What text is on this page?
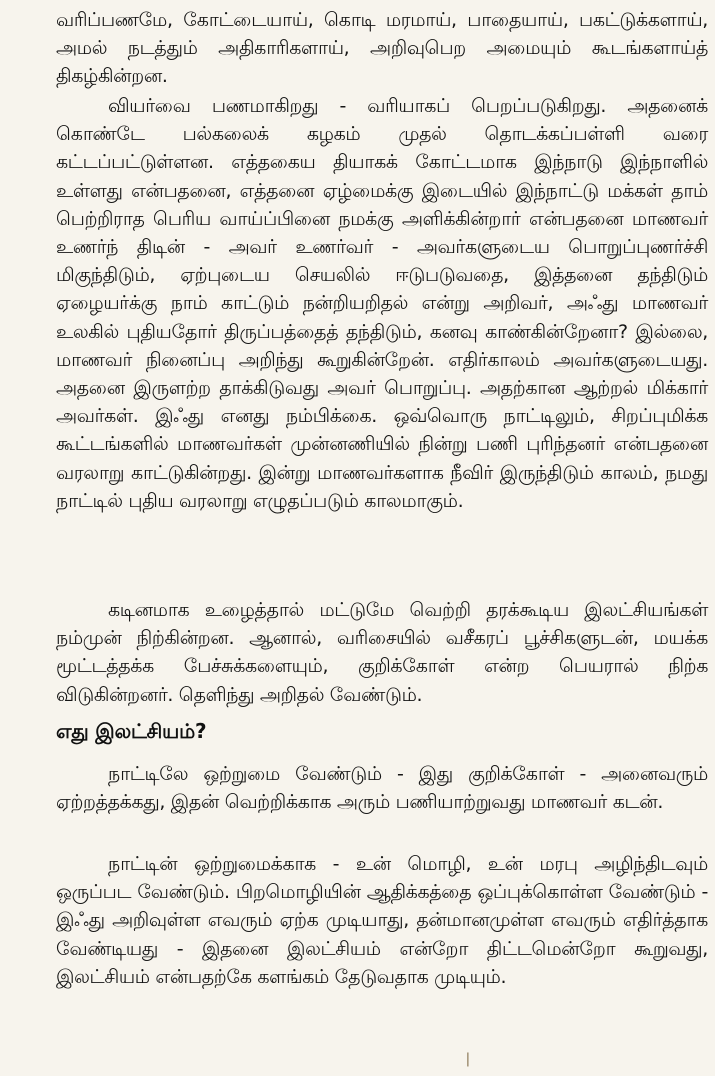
வரிப்பணமே, கோட்டையாய், கொடி மரமாய், பாதையாய், பகட்டுக்களாய், அமல் நடத்தும் அதிகாரிகளாய், அறிவுபெற அமையும் கூடங்களாய்த் திகழ்கின்றன.

வியர்வை பணமாகிறது - வரியாகப் பெறப்படுகிறது. அதனைக் கொண்டே பல்கலைக் கழகம் முதல் தொடக்கப்பள்ளி வரை கட்டப்பட்டுள்ளன. எத்தகைய தியாகக் கோட்டமாக இந்நாடு இந்நாளில் உள்ளது என்பதனை, எத்தனை ஏழ்மைக்கு இடையில் இந்நாட்டு மக்கள் தாம் பெற்றிராத பெரிய வாய்ப்பினை நமக்கு அளிக்கின்றார் என்பதனை மாணவர் உணர்ந் திடின் - அவர் உணர்வர் - அவர்களுடைய பொறுப்புணர்ச்சி மிகுந்திடும், ஏற்புடைய செயலில் ஈடுபடுவதை, இத்தனை தந்திடும் ஏழையர்க்கு நாம் காட்டும் நன்றியறிதல் என்று அறிவர், அஃது மாணவர் உலகில் புதியதோர் திருப்பத்தைத் தந்திடும், கனவு காண்கின்றேனா? இல்லை, மாணவர் நினைப்பு அறிந்து கூறுகின்றேன். எதிர்காலம் அவர்களுடையது. அதனை இருளற்ற தாக்கிடுவது அவர் பொறுப்பு. அதற்கான ஆற்றல் மிக்கார் அவர்கள். இஃது எனது நம்பிக்கை. ஒவ்வொரு நாட்டிலும், சிறப்புமிக்க கூட்டங்களில் மாணவர்கள் முன்னணியில் நின்று பணி புரிந்தனர் என்பதனை வரலாறு காட்டுகின்றது. இன்று மாணவர்களாக நீவிர் இருந்திடும் காலம், நமது நாட்டில் புதிய வரலாறு எழுதப்படும் காலமாகும்.

கடினமாக உழைத்தால் மட்டுமே வெற்றி தரக்கூடிய இலட்சியங்கள் நம்முன் நிற்கின்றன. ஆனால், வரிசையில் வசீகரப் பூச்சிகளுடன், மயக்க மூட்டத்தக்க பேச்சுக்களையும், குறிக்கோள் என்ற பெயரால் நிற்க விடுகின்றனர். தெளிந்து அறிதல் வேண்டும்.

எது இலட்சியம்?

நாட்டிலே ஒற்றுமை வேண்டும் - இது குறிக்கோள் - அனைவரும் ஏற்றத்தக்கது, இதன் வெற்றிக்காக அரும் பணியாற்றுவது மாணவர் கடன்.

நாட்டின் ஒற்றுமைக்காக - உன் மொழி, உன் மரபு அழிந்திடவும் ஒருப்பட வேண்டும். பிறமொழியின் ஆதிக்கத்தை ஒப்புக்கொள்ள வேண்டும் - இஃது அறிவுள்ள எவரும் ஏற்க முடியாது, தன்மானமுள்ள எவரும் எதிர்த்தாக வேண்டியது - இதனை இலட்சியம் என்றோ திட்டமென்றோ கூறுவது, இலட்சியம் என்பதற்கே களங்கம் தேடுவதாக முடியும்.

❘
